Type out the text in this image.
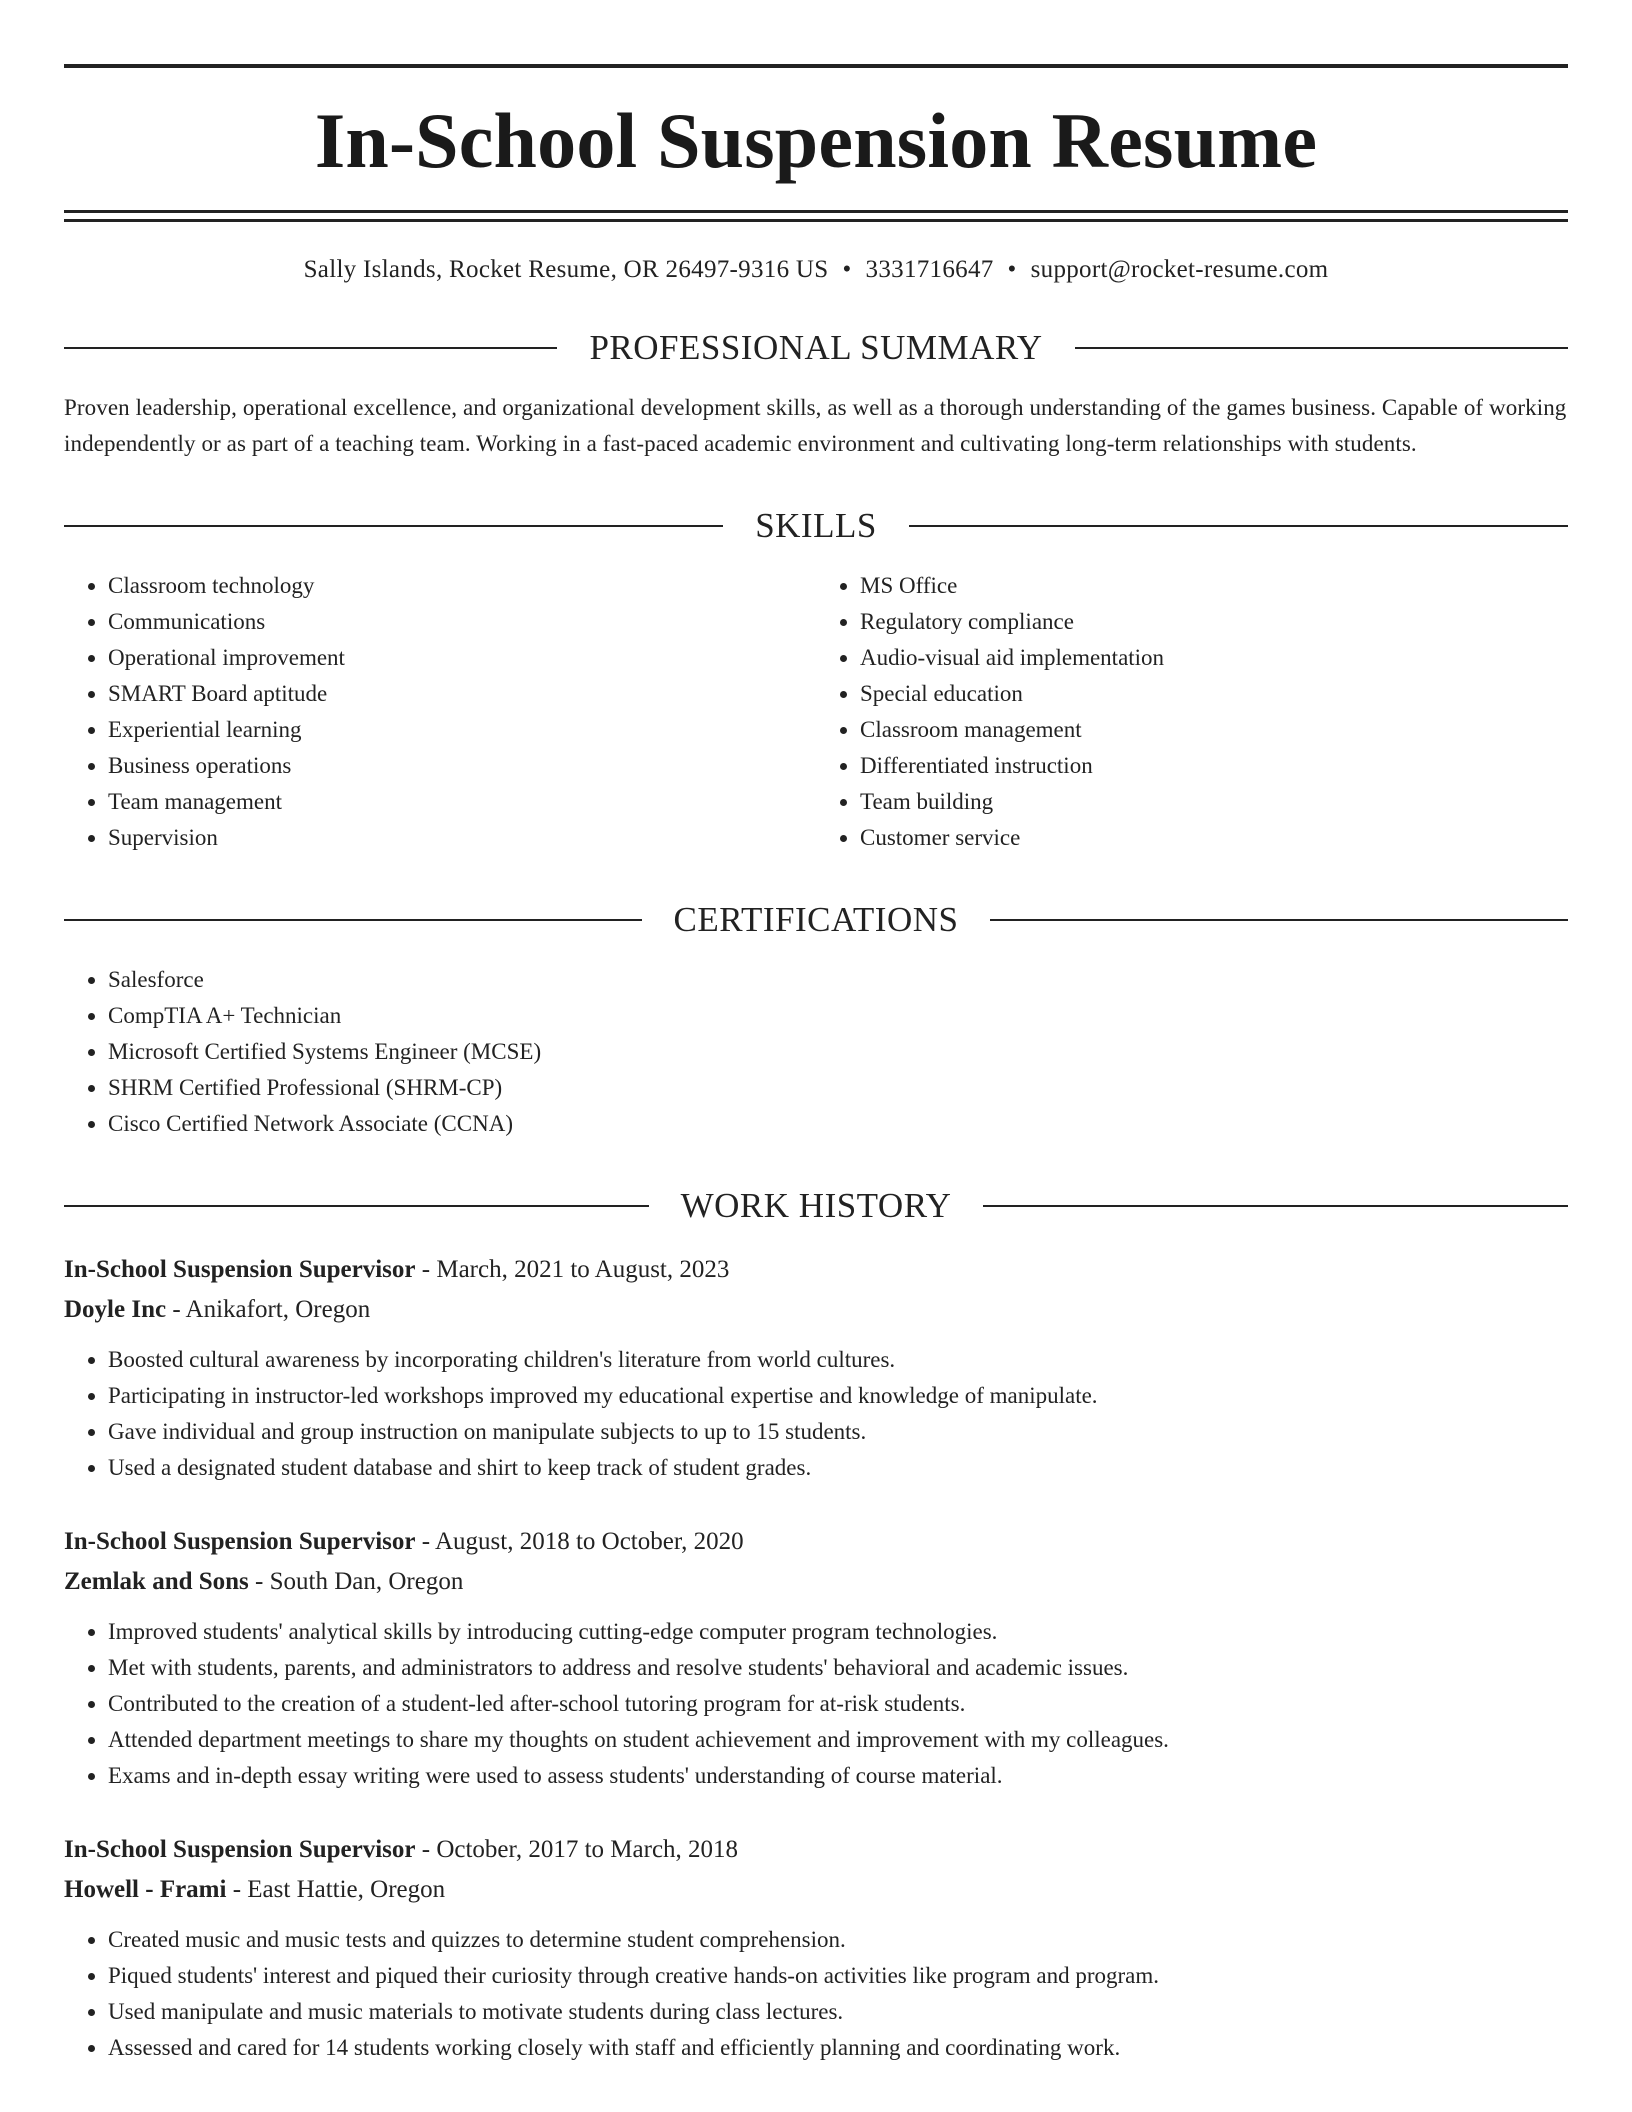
In-School Suspension Resume
Sally Islands, Rocket Resume, OR 26497-9316 US • 3331716647 • support@rocket-resume.com
PROFESSIONAL SUMMARY

Proven leadership, operational excellence, and organizational development skills, as well as a thorough understanding of the games business. Capable of working independently or as part of a teaching team. Working in a fast-paced academic environment and cultivating long-term relationships with students.

SKILLS
• Classroom technology
• Communications
• Operational improvement
• SMART Board aptitude
• Experiential learning
• Business operations
• Team management
• Supervision
• MS Office
• Regulatory compliance
• Audio-visual aid implementation
• Special education
• Classroom management
• Differentiated instruction
• Team building
• Customer service
CERTIFICATIONS
• Salesforce
• CompTIA A+ Technician
• Microsoft Certified Systems Engineer (MCSE)
• SHRM Certified Professional (SHRM-CP)
• Cisco Certified Network Associate (CCNA)
WORK HISTORY
In-School Suspension Supervisor - March, 2021 to August, 2023
Doyle Inc - Anikafort, Oregon
• Boosted cultural awareness by incorporating children's literature from world cultures.
• Participating in instructor-led workshops improved my educational expertise and knowledge of manipulate.
• Gave individual and group instruction on manipulate subjects to up to 15 students.
• Used a designated student database and shirt to keep track of student grades.
In-School Suspension Supervisor - August, 2018 to October, 2020
Zemlak and Sons - South Dan, Oregon
• Improved students' analytical skills by introducing cutting-edge computer program technologies.
• Met with students, parents, and administrators to address and resolve students' behavioral and academic issues.
• Contributed to the creation of a student-led after-school tutoring program for at-risk students.
• Attended department meetings to share my thoughts on student achievement and improvement with my colleagues.
• Exams and in-depth essay writing were used to assess students' understanding of course material.
In-School Suspension Supervisor - October, 2017 to March, 2018
Howell - Frami - East Hattie, Oregon
• Created music and music tests and quizzes to determine student comprehension.
• Piqued students' interest and piqued their curiosity through creative hands-on activities like program and program.
• Used manipulate and music materials to motivate students during class lectures.
• Assessed and cared for 14 students working closely with staff and efficiently planning and coordinating work.
